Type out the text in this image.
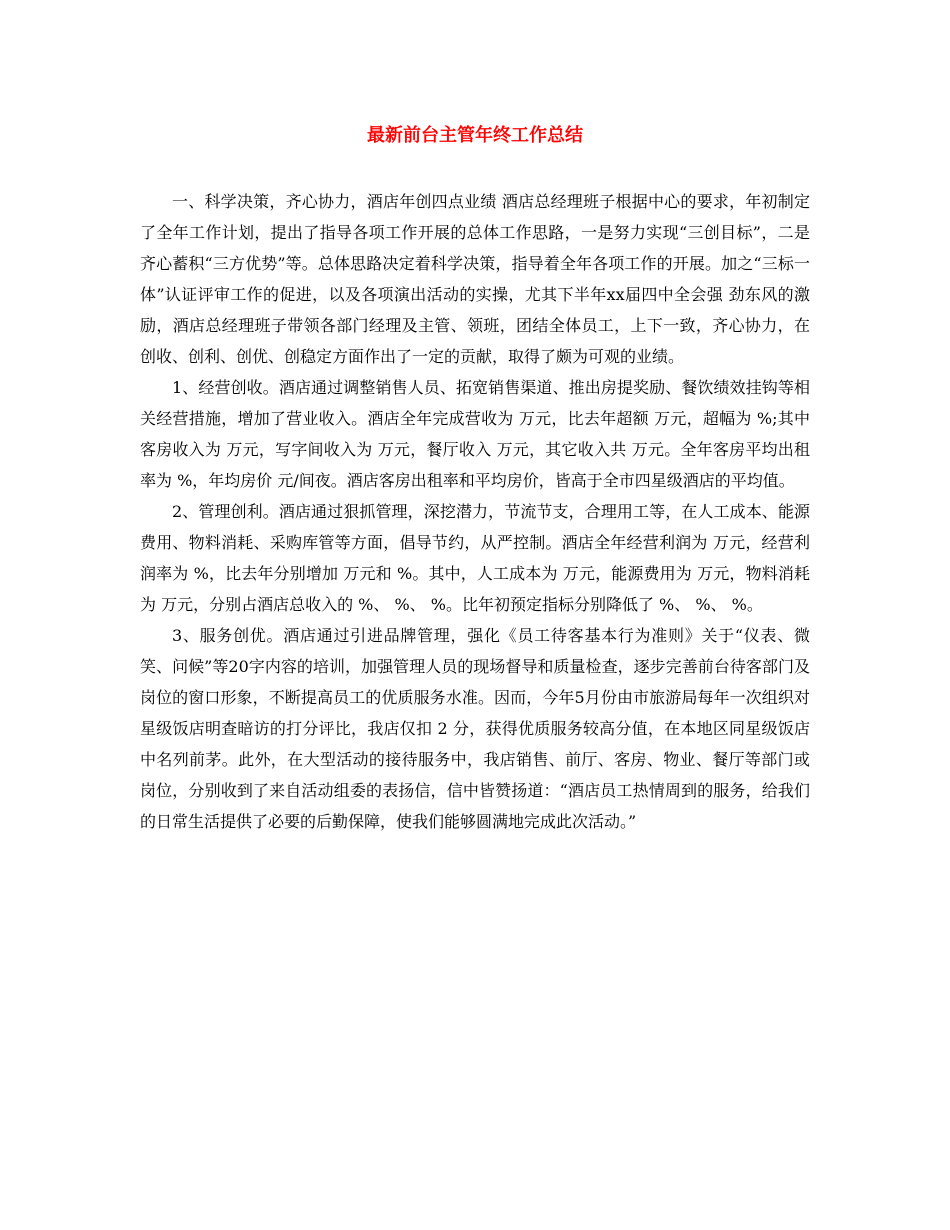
最新前台主管年终工作总结

一、科学决策，齐心协力，酒店年创四点业绩 酒店总经理班子根据中心的要求，年初制定了全年工作计划，提出了指导各项工作开展的总体工作思路，一是努力实现“三创目标”，二是齐心蓄积“三方优势”等。总体思路决定着科学决策，指导着全年各项工作的开展。加之“三标一体”认证评审工作的促进，以及各项演出活动的实操，尤其下半年xx届四中全会强 劲东风的激励，酒店总经理班子带领各部门经理及主管、领班，团结全体员工，上下一致，齐心协力，在创收、创利、创优、创稳定方面作出了一定的贡献，取得了颇为可观的业绩。

1、经营创收。酒店通过调整销售人员、拓宽销售渠道、推出房提奖励、餐饮绩效挂钩等相关经营措施，增加了营业收入。酒店全年完成营收为 万元，比去年超额 万元，超幅为 %;其中客房收入为 万元，写字间收入为 万元，餐厅收入 万元，其它收入共 万元。全年客房平均出租率为 %，年均房价 元/间夜。酒店客房出租率和平均房价，皆高于全市四星级酒店的平均值。

2、管理创利。酒店通过狠抓管理，深挖潜力，节流节支，合理用工等，在人工成本、能源费用、物料消耗、采购库管等方面，倡导节约，从严控制。酒店全年经营利润为 万元，经营利润率为 %，比去年分别增加 万元和 %。其中，人工成本为 万元，能源费用为 万元，物料消耗为 万元，分别占酒店总收入的 %、 %、 %。比年初预定指标分别降低了 %、 %、 %。

3、服务创优。酒店通过引进品牌管理，强化《员工待客基本行为准则》关于“仪表、微笑、问候”等20字内容的培训，加强管理人员的现场督导和质量检查，逐步完善前台待客部门及岗位的窗口形象，不断提高员工的优质服务水准。因而，今年5月份由市旅游局每年一次组织对星级饭店明查暗访的打分评比，我店仅扣 2 分，获得优质服务较高分值，在本地区同星级饭店中名列前茅。此外，在大型活动的接待服务中，我店销售、前厅、客房、物业、餐厅等部门或岗位，分别收到了来自活动组委的表扬信，信中皆赞扬道：“酒店员工热情周到的服务，给我们的日常生活提供了必要的后勤保障，使我们能够圆满地完成此次活动。”
